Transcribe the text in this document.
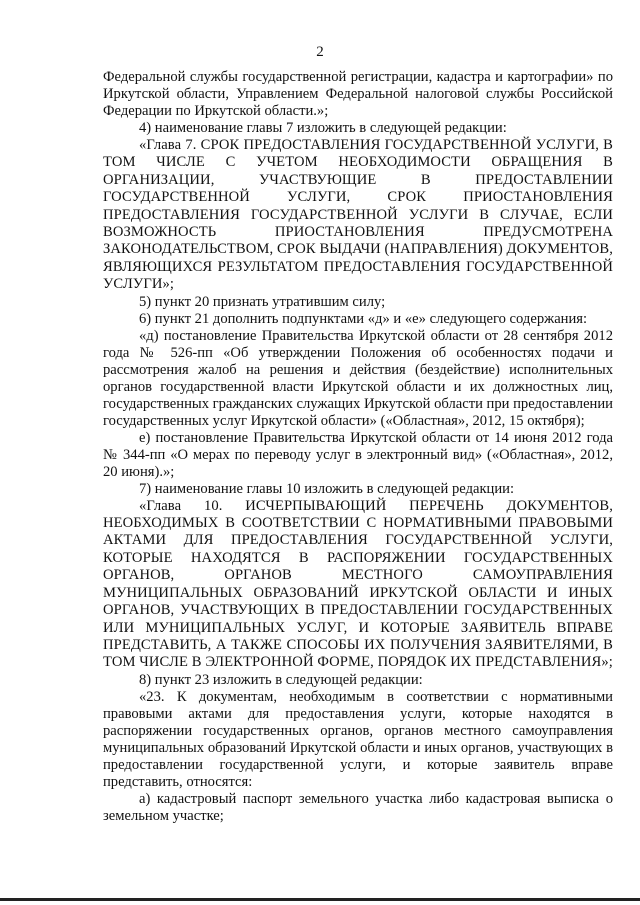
2

Федеральной службы государственной регистрации, кадастра и картографии» по Иркутской области, Управлением Федеральной налоговой службы Российской Федерации по Иркутской области.»;

4) наименование главы 7 изложить в следующей редакции:

«Глава 7. СРОК ПРЕДОСТАВЛЕНИЯ ГОСУДАРСТВЕННОЙ УСЛУГИ, В ТОМ ЧИСЛЕ С УЧЕТОМ НЕОБХОДИМОСТИ ОБРАЩЕНИЯ В ОРГАНИЗАЦИИ, УЧАСТВУЮЩИЕ В ПРЕДОСТАВЛЕНИИ ГОСУДАРСТВЕННОЙ УСЛУГИ, СРОК ПРИОСТАНОВЛЕНИЯ ПРЕДОСТАВЛЕНИЯ ГОСУДАРСТВЕННОЙ УСЛУГИ В СЛУЧАЕ, ЕСЛИ ВОЗМОЖНОСТЬ ПРИОСТАНОВЛЕНИЯ ПРЕДУСМОТРЕНА ЗАКОНОДАТЕЛЬСТВОМ, СРОК ВЫДАЧИ (НАПРАВЛЕНИЯ) ДОКУМЕНТОВ, ЯВЛЯЮЩИХСЯ РЕЗУЛЬТАТОМ ПРЕДОСТАВЛЕНИЯ ГОСУДАРСТВЕННОЙ УСЛУГИ»;

5) пункт 20 признать утратившим силу;

6) пункт 21 дополнить подпунктами «д» и «е» следующего содержания:

«д) постановление Правительства Иркутской области от 28 сентября 2012 года № 526-пп «Об утверждении Положения об особенностях подачи и рассмотрения жалоб на решения и действия (бездействие) исполнительных органов государственной власти Иркутской области и их должностных лиц, государственных гражданских служащих Иркутской области при предоставлении государственных услуг Иркутской области» («Областная», 2012, 15 октября);

е) постановление Правительства Иркутской области от 14 июня 2012 года № 344-пп «О мерах по переводу услуг в электронный вид» («Областная», 2012, 20 июня).»;

7) наименование главы 10 изложить в следующей редакции:

«Глава 10. ИСЧЕРПЫВАЮЩИЙ ПЕРЕЧЕНЬ ДОКУМЕНТОВ, НЕОБХОДИМЫХ В СООТВЕТСТВИИ С НОРМАТИВНЫМИ ПРАВОВЫМИ АКТАМИ ДЛЯ ПРЕДОСТАВЛЕНИЯ ГОСУДАРСТВЕННОЙ УСЛУГИ, КОТОРЫЕ НАХОДЯТСЯ В РАСПОРЯЖЕНИИ ГОСУДАРСТВЕННЫХ ОРГАНОВ, ОРГАНОВ МЕСТНОГО САМОУПРАВЛЕНИЯ МУНИЦИПАЛЬНЫХ ОБРАЗОВАНИЙ ИРКУТСКОЙ ОБЛАСТИ И ИНЫХ ОРГАНОВ, УЧАСТВУЮЩИХ В ПРЕДОСТАВЛЕНИИ ГОСУДАРСТВЕННЫХ ИЛИ МУНИЦИПАЛЬНЫХ УСЛУГ, И КОТОРЫЕ ЗАЯВИТЕЛЬ ВПРАВЕ ПРЕДСТАВИТЬ, А ТАКЖЕ СПОСОБЫ ИХ ПОЛУЧЕНИЯ ЗАЯВИТЕЛЯМИ, В ТОМ ЧИСЛЕ В ЭЛЕКТРОННОЙ ФОРМЕ, ПОРЯДОК ИХ ПРЕДСТАВЛЕНИЯ»;

8) пункт 23 изложить в следующей редакции:

«23. К документам, необходимым в соответствии с нормативными правовыми актами для предоставления услуги, которые находятся в распоряжении государственных органов, органов местного самоуправления муниципальных образований Иркутской области и иных органов, участвующих в предоставлении государственной услуги, и которые заявитель вправе представить, относятся:

а) кадастровый паспорт земельного участка либо кадастровая выписка о земельном участке;
